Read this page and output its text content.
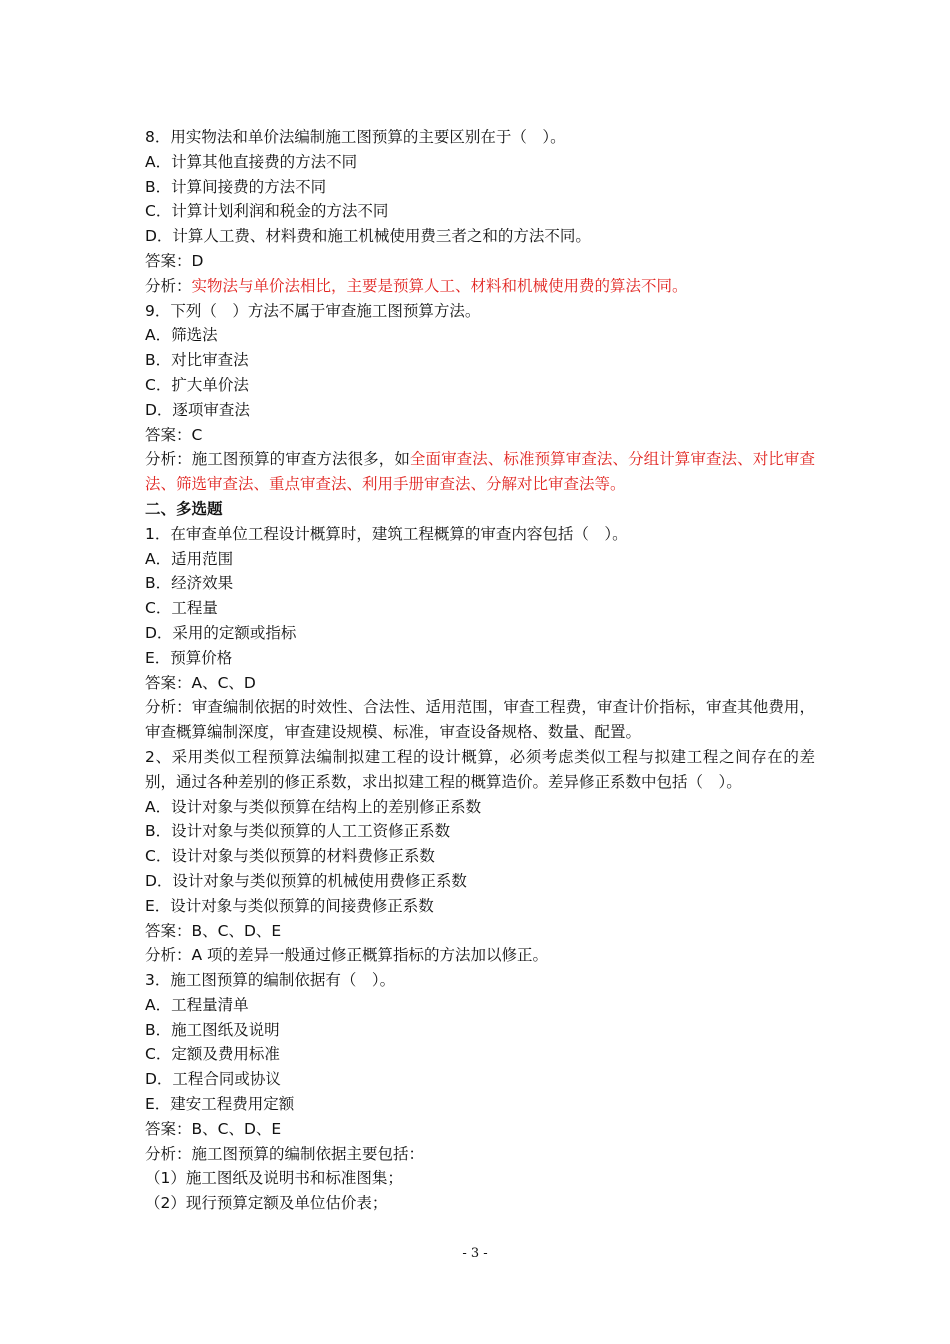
8．用实物法和单价法编制施工图预算的主要区别在于（　）。
A．计算其他直接费的方法不同
B．计算间接费的方法不同
C．计算计划利润和税金的方法不同
D．计算人工费、材料费和施工机械使用费三者之和的方法不同。
答案：D
分析：实物法与单价法相比，主要是预算人工、材料和机械使用费的算法不同。
9．下列（　）方法不属于审查施工图预算方法。
A．筛选法
B．对比审查法
C．扩大单价法
D．逐项审查法
答案：C
分析：施工图预算的审查方法很多，如全面审查法、标准预算审查法、分组计算审查法、对比审查法、筛选审查法、重点审查法、利用手册审查法、分解对比审查法等。
二、多选题
1．在审查单位工程设计概算时，建筑工程概算的审查内容包括（　）。
A．适用范围
B．经济效果
C．工程量
D．采用的定额或指标
E．预算价格
答案：A、C、D
分析：审查编制依据的时效性、合法性、适用范围，审查工程费，审查计价指标，审查其他费用，审查概算编制深度，审查建设规模、标准，审查设备规格、数量、配置。
2、采用类似工程预算法编制拟建工程的设计概算，必须考虑类似工程与拟建工程之间存在的差别，通过各种差别的修正系数，求出拟建工程的概算造价。差异修正系数中包括（　）。
A．设计对象与类似预算在结构上的差别修正系数
B．设计对象与类似预算的人工工资修正系数
C．设计对象与类似预算的材料费修正系数
D．设计对象与类似预算的机械使用费修正系数
E．设计对象与类似预算的间接费修正系数
答案：B、C、D、E
分析：A 项的差异一般通过修正概算指标的方法加以修正。
3．施工图预算的编制依据有（　）。
A．工程量清单
B．施工图纸及说明
C．定额及费用标准
D．工程合同或协议
E．建安工程费用定额
答案：B、C、D、E
分析：施工图预算的编制依据主要包括：
（1）施工图纸及说明书和标准图集；
（2）现行预算定额及单位估价表；
- 3 -
